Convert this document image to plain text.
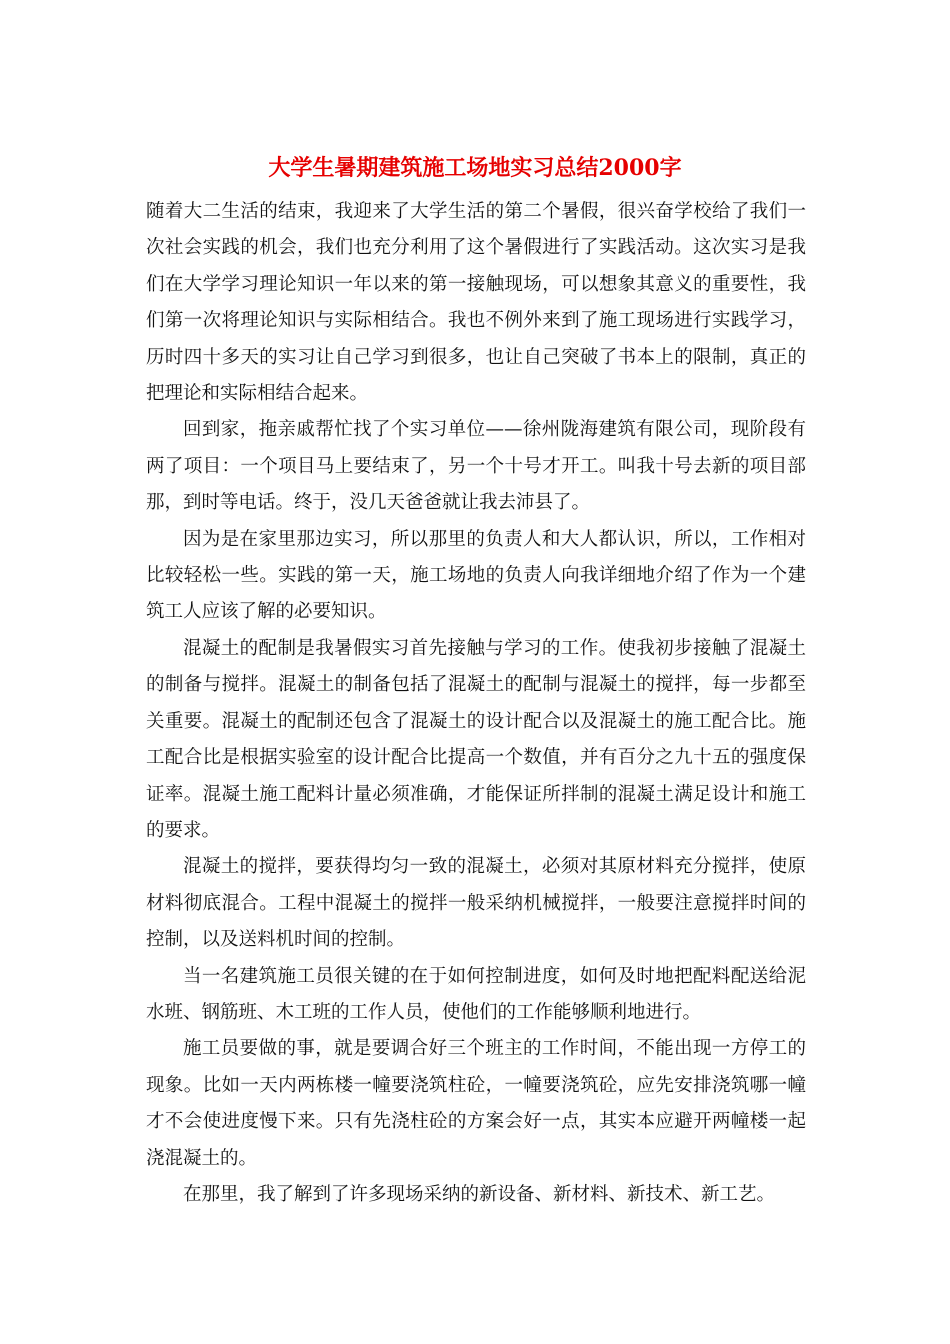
大学生暑期建筑施工场地实习总结2000字

随着大二生活的结束，我迎来了大学生活的第二个暑假，很兴奋学校给了我们一次社会实践的机会，我们也充分利用了这个暑假进行了实践活动。这次实习是我们在大学学习理论知识一年以来的第一接触现场，可以想象其意义的重要性，我们第一次将理论知识与实际相结合。我也不例外来到了施工现场进行实践学习，历时四十多天的实习让自己学习到很多，也让自己突破了书本上的限制，真正的把理论和实际相结合起来。

回到家，拖亲戚帮忙找了个实习单位——徐州陇海建筑有限公司，现阶段有两了项目：一个项目马上要结束了，另一个十号才开工。叫我十号去新的项目部那，到时等电话。终于，没几天爸爸就让我去沛县了。

因为是在家里那边实习，所以那里的负责人和大人都认识，所以，工作相对比较轻松一些。实践的第一天，施工场地的负责人向我详细地介绍了作为一个建筑工人应该了解的必要知识。

混凝土的配制是我暑假实习首先接触与学习的工作。使我初步接触了混凝土的制备与搅拌。混凝土的制备包括了混凝土的配制与混凝土的搅拌，每一步都至关重要。混凝土的配制还包含了混凝土的设计配合以及混凝土的施工配合比。施工配合比是根据实验室的设计配合比提高一个数值，并有百分之九十五的强度保证率。混凝土施工配料计量必须准确，才能保证所拌制的混凝土满足设计和施工的要求。

混凝土的搅拌，要获得均匀一致的混凝土，必须对其原材料充分搅拌，使原材料彻底混合。工程中混凝土的搅拌一般采纳机械搅拌，一般要注意搅拌时间的控制，以及送料机时间的控制。

当一名建筑施工员很关键的在于如何控制进度，如何及时地把配料配送给泥水班、钢筋班、木工班的工作人员，使他们的工作能够顺利地进行。

施工员要做的事，就是要调合好三个班主的工作时间，不能出现一方停工的现象。比如一天内两栋楼一幢要浇筑柱砼，一幢要浇筑砼，应先安排浇筑哪一幢才不会使进度慢下来。只有先浇柱砼的方案会好一点，其实本应避开两幢楼一起浇混凝土的。

在那里，我了解到了许多现场采纳的新设备、新材料、新技术、新工艺。
